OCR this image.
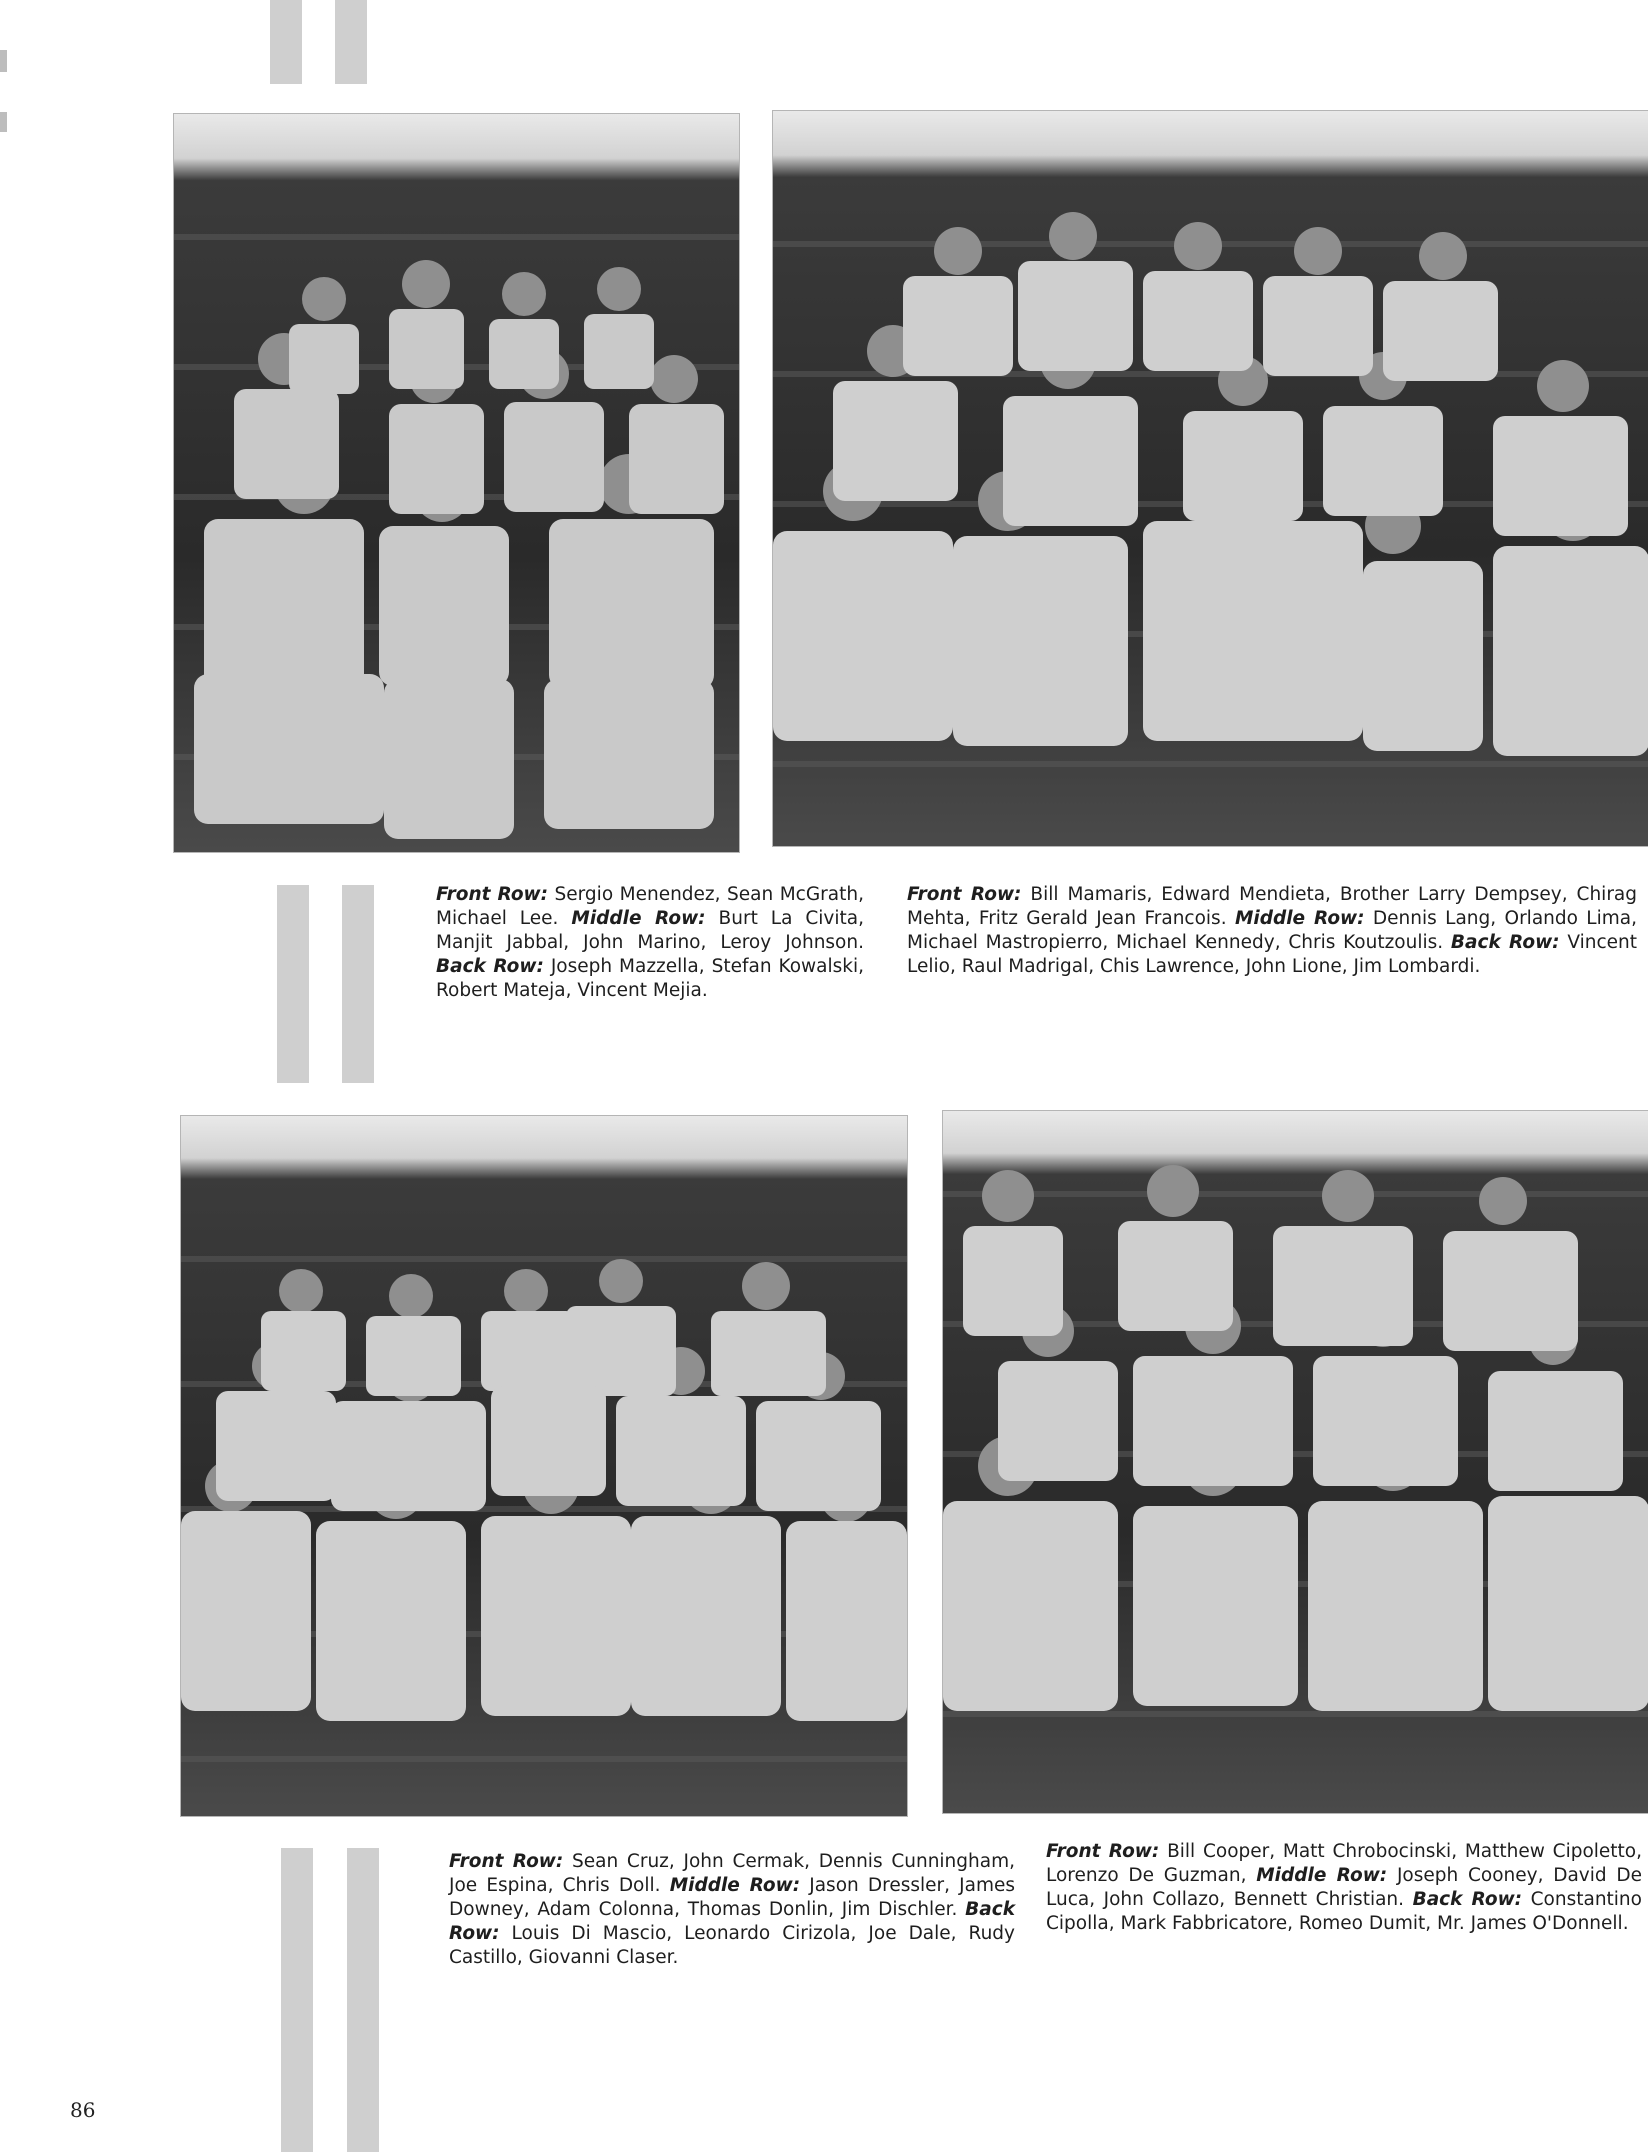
Front Row: Sergio Menendez, Sean McGrath, Michael Lee. Middle Row: Burt La Civita, Manjit Jabbal, John Marino, Leroy Johnson. Back Row: Joseph Mazzella, Stefan Kowalski, Robert Mateja, Vincent Mejia.
Front Row: Bill Mamaris, Edward Mendieta, Brother Larry Dempsey, Chirag Mehta, Fritz Gerald Jean Francois. Middle Row: Dennis Lang, Orlando Lima, Michael Mastropierro, Michael Kennedy, Chris Koutzoulis. Back Row: Vincent Lelio, Raul Madrigal, Chis Lawrence, John Lione, Jim Lombardi.
Front Row: Sean Cruz, John Cermak, Dennis Cunningham, Joe Espina, Chris Doll. Middle Row: Jason Dressler, James Downey, Adam Colonna, Thomas Donlin, Jim Dischler. Back Row: Louis Di Mascio, Leonardo Cirizola, Joe Dale, Rudy Castillo, Giovanni Claser.
Front Row: Bill Cooper, Matt Chrobocinski, Matthew Cipoletto, Lorenzo De Guzman, Middle Row: Joseph Cooney, David De Luca, John Collazo, Bennett Christian. Back Row: Constantino Cipolla, Mark Fabbricatore, Romeo Dumit, Mr. James O'Donnell.
86
